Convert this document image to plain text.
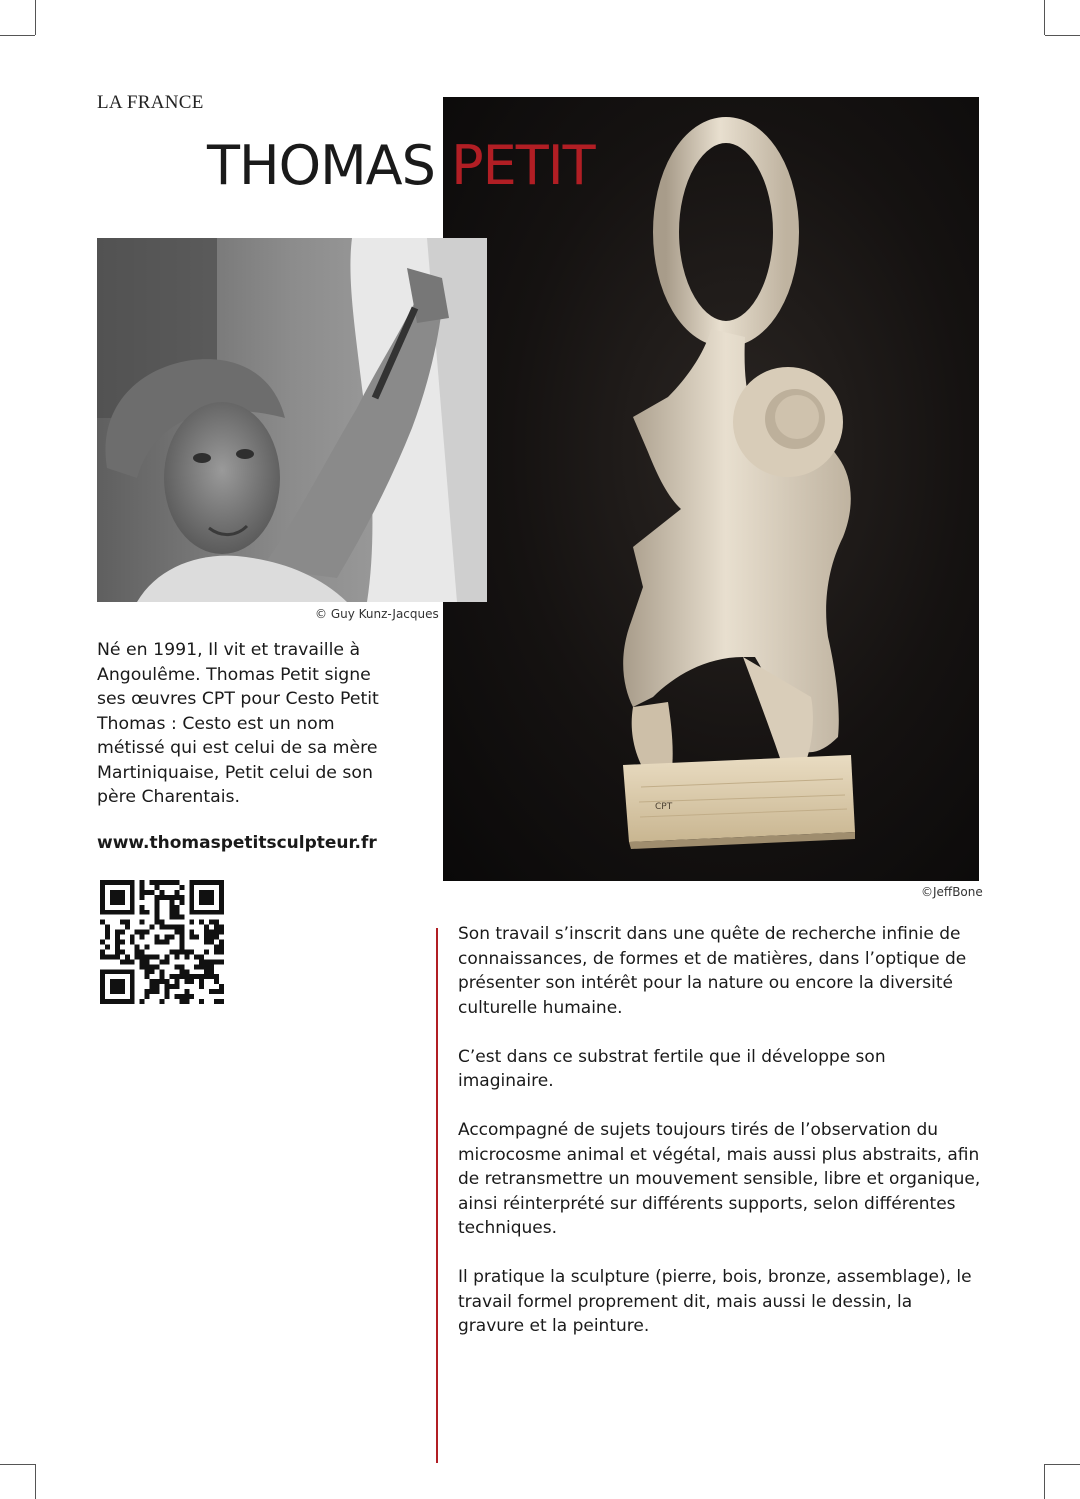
LA FRANCE
CPT
©JeffBone
THOMAS PETIT
© Guy Kunz-Jacques

Né en 1991, Il vit et travaille à Angoulême. Thomas Petit signe ses œuvres CPT pour Cesto Petit Thomas : Cesto est un nom métissé qui est celui de sa mère Martiniquaise, Petit celui de son père Charentais.

www.thomaspetitsculpteur.fr

Son travail s’inscrit dans une quête de recherche infinie de connaissances, de formes et de matières, dans l’optique de présenter son intérêt pour la nature ou encore la diversité culturelle humaine.

C’est dans ce substrat fertile que il développe son
imaginaire.

Accompagné de sujets toujours tirés de l’observation du microcosme animal et végétal, mais aussi plus abstraits, afin de retransmettre un mouvement sensible, libre et organique, ainsi réinterprété sur différents supports, selon différentes techniques.

Il pratique la sculpture (pierre, bois, bronze, assemblage), le travail formel proprement dit, mais aussi le dessin, la gravure et la peinture.
